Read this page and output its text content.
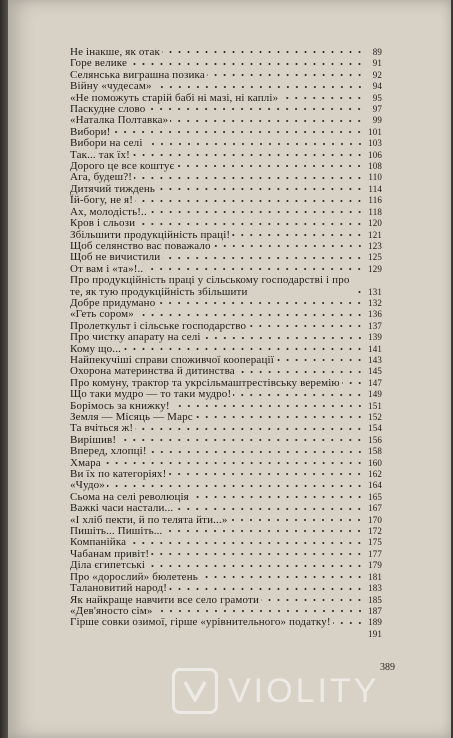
Не інакше, як отак	89
Горе велике	91
Селянська виграшна позика	92
Війну «чудесам»	94
«Не поможуть старій бабі ні мазі, ні каплі»	95
Паскудне слово	97
«Наталка Полтавка»	99
Вибори!	101
Вибори на селі	103
Так... так їх!	106
Дорого це все коштує	108
Ага, будеш?!	110
Дитячий тиждень	114
Їй-богу, не я!	116
Ах, молодість!..	118
Кров і сльози	120
Збільшити продукційність праці!	121
Щоб селянство вас поважало	123
Щоб не вичистили	125
От вам і «та»!..	129
Про продукційність праці у сільському господарстві і про те, як тую продукційність збільшити	131
Добре придумано	132
«Геть сором»	136
Пролеткульт і сільське господарство	137
Про чистку апарату на селі	139
Кому що...	141
Найпекучіші справи споживчої кооперації	143
Охорона материнства й дитинства	145
Про комуну, трактор та укрсільмаштрестівську веремію	147
Що таки мудро — то таки мудро!	149
Борімось за книжку!	151
Земля — Місяць — Марс	152
Та вчіться ж!	154
Вирішив!	156
Вперед, хлопці!	158
Хмара	160
Ви їх по категоріях!	162
«Чудо»	164
Сьома на селі революція	165
Важкі часи настали...	167
«І хліб пекти, й по телята йти...»	170
Пишіть... Пишіть...	172
Компанійка	175
Чабанам привіт!	177
Діла єгипетські	179
Про «дорослий» бюлетень	181
Талановитий народ!	183
Як найкраще навчити все село грамоти	185
«Дев'яносто сім»	187
Гірше совки озимої, гірше «урівнительного» податку!	189
191
389
VIOLITY
